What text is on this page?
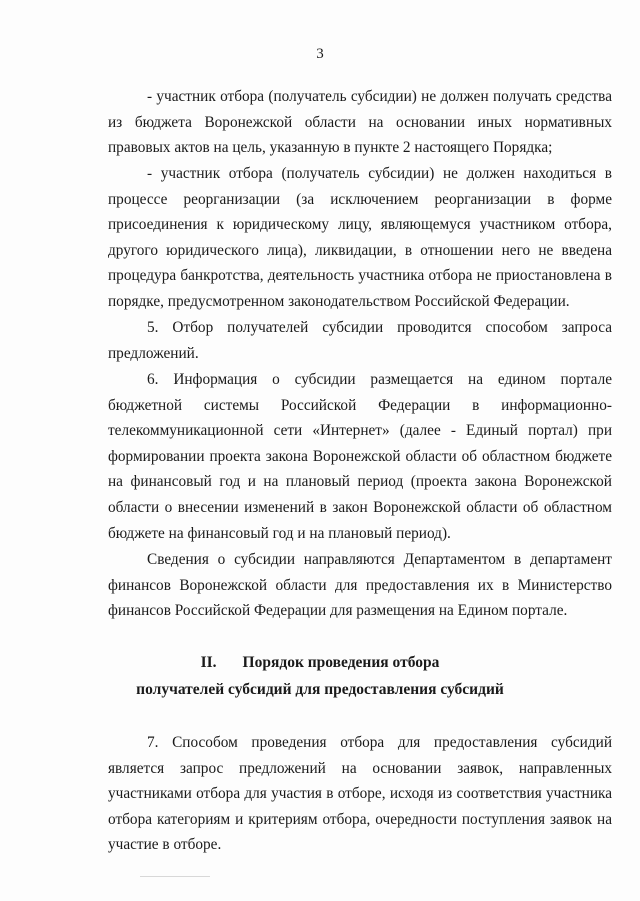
3

- участник отбора (получатель субсидии) не должен получать средства из бюджета Воронежской области на основании иных нормативных правовых актов на цель, указанную в пункте 2 настоящего Порядка;

- участник отбора (получатель субсидии) не должен находиться в процессе реорганизации (за исключением реорганизации в форме присоединения к юридическому лицу, являющемуся участником отбора, другого юридического лица), ликвидации, в отношении него не введена процедура банкротства, деятельность участника отбора не приостановлена в порядке, предусмотренном законодательством Российской Федерации.

5. Отбор получателей субсидии проводится способом запроса предложений.

6. Информация о субсидии размещается на едином портале бюджетной системы Российской Федерации в информационно-телекоммуникационной сети «Интернет» (далее - Единый портал) при формировании проекта закона Воронежской области об областном бюджете на финансовый год и на плановый период (проекта закона Воронежской области о внесении изменений в закон Воронежской области об областном бюджете на финансовый год и на плановый период).

Сведения о субсидии направляются Департаментом в департамент финансов Воронежской области для предоставления их в Министерство финансов Российской Федерации для размещения на Едином портале.

II. Порядок проведения отбора
получателей субсидий для предоставления субсидий

7. Способом проведения отбора для предоставления субсидий является запрос предложений на основании заявок, направленных участниками отбора для участия в отборе, исходя из соответствия участника отбора категориям и критериям отбора, очередности поступления заявок на участие в отборе.
